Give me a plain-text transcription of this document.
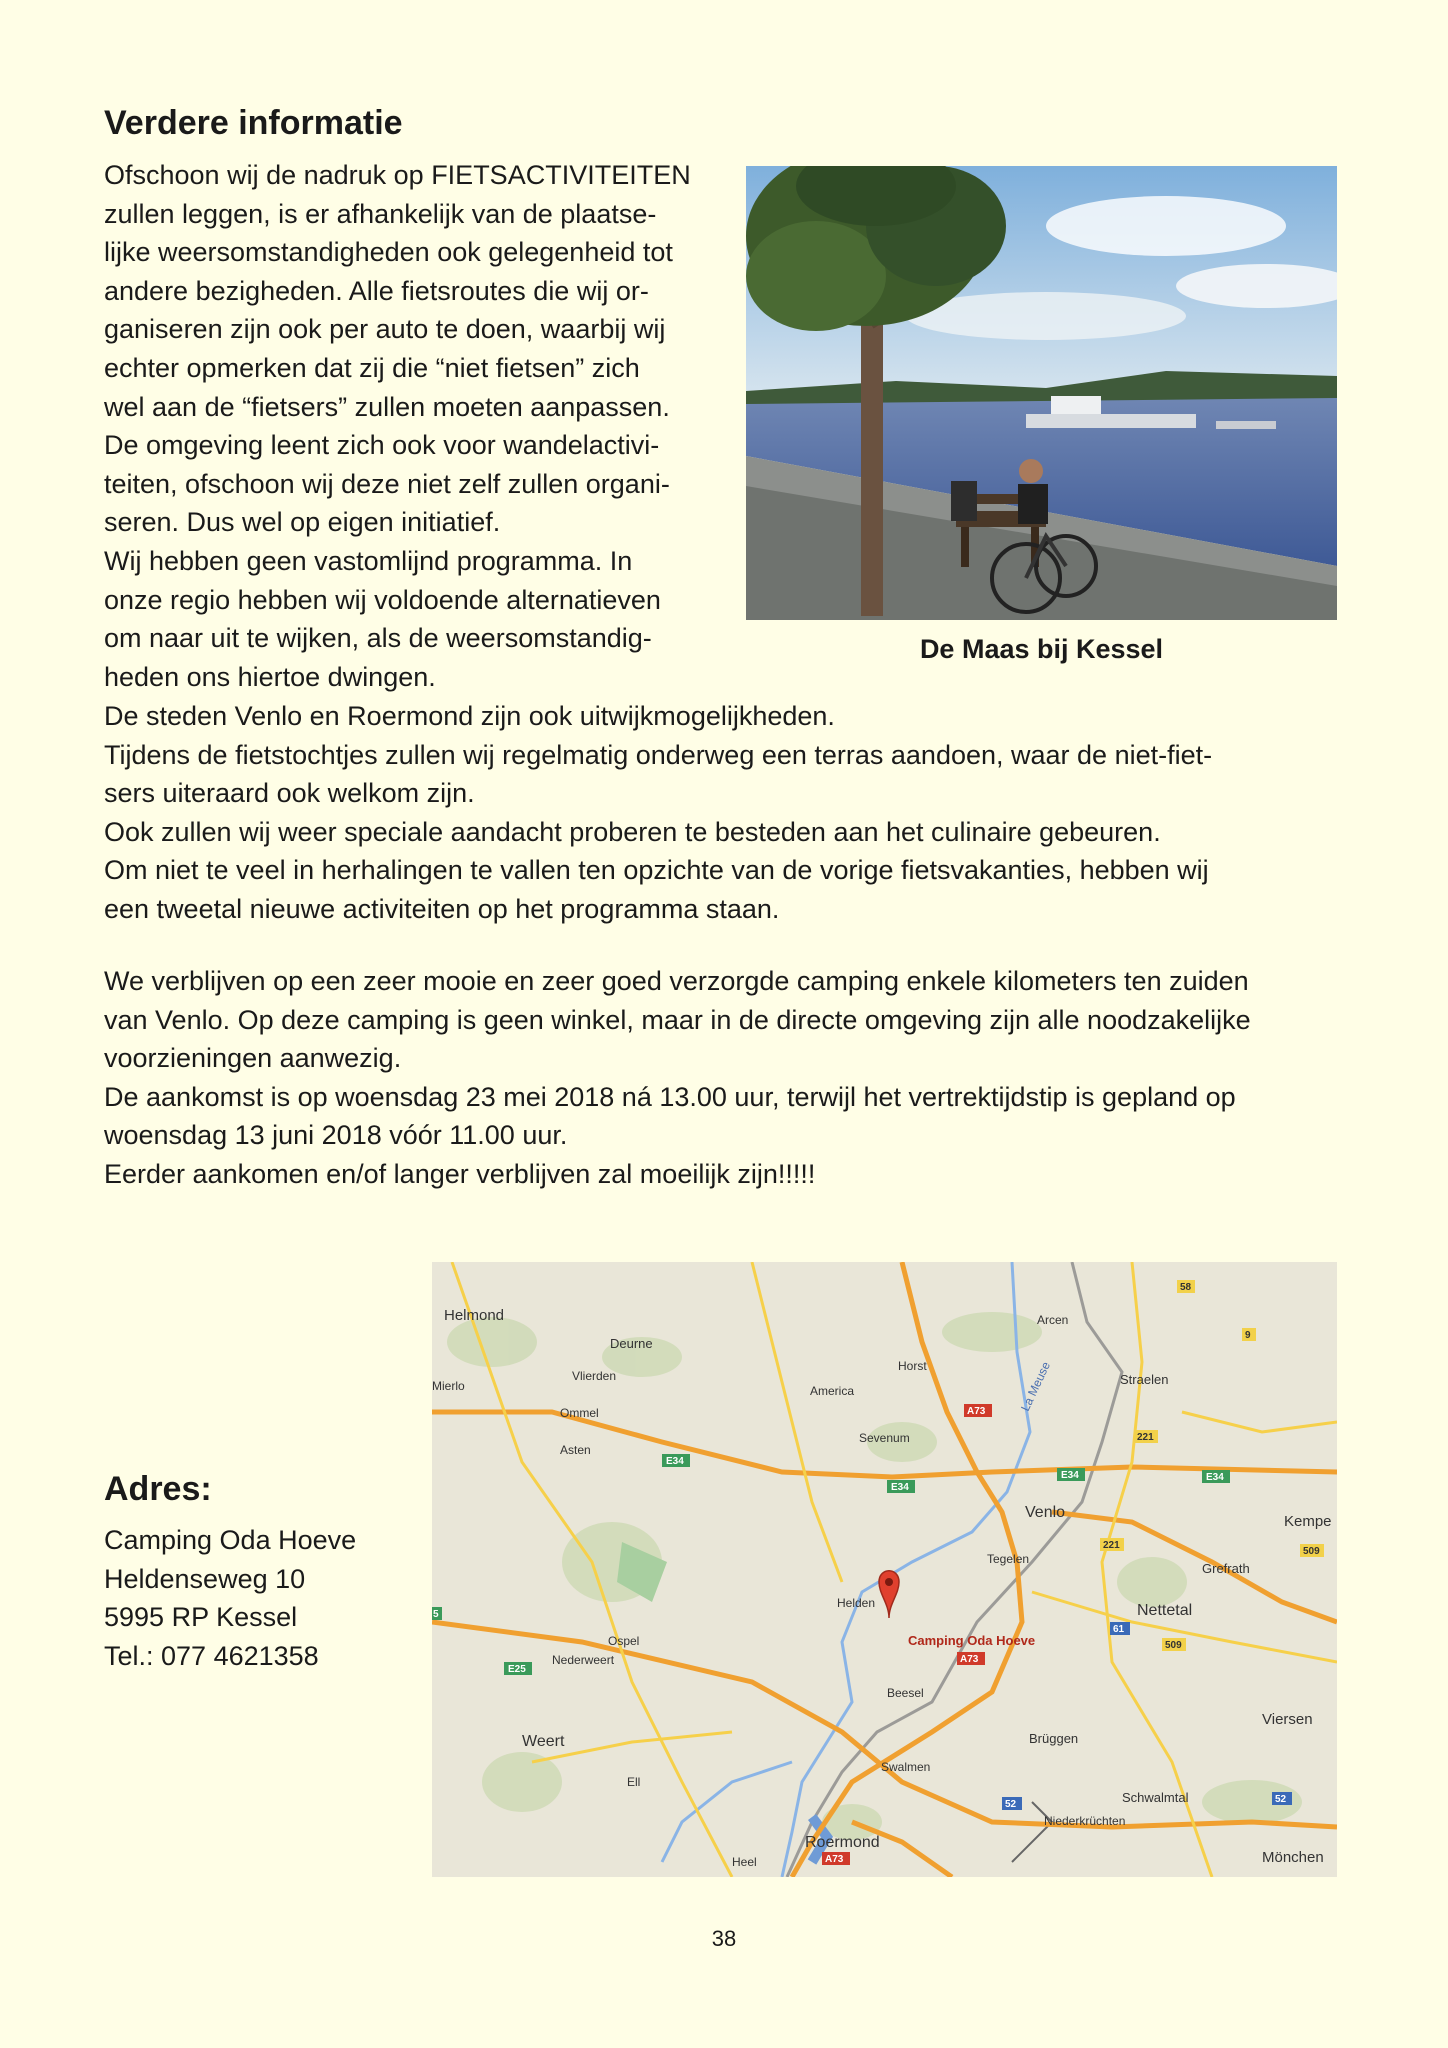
Verdere informatie
Ofschoon wij de nadruk op FIETSACTIVITEITEN
zullen leggen, is er afhankelijk van de plaatse-
lijke weersomstandigheden ook gelegenheid tot
andere bezigheden. Alle fietsroutes die wij or-
ganiseren zijn ook per auto te doen, waarbij wij
echter opmerken dat zij die “niet fietsen” zich
wel aan de “fietsers” zullen moeten aanpassen.
De omgeving leent zich ook voor wandelactivi-
teiten, ofschoon wij deze niet zelf zullen organi-
seren. Dus wel op eigen initiatief.
Wij hebben geen vastomlijnd programma. In
onze regio hebben wij voldoende alternatieven
om naar uit te wijken, als de weersomstandig-
heden ons hiertoe dwingen.
De Maas bij Kessel
De steden Venlo en Roermond zijn ook uitwijkmogelijkheden.
Tijdens de fietstochtjes zullen wij regelmatig onderweg een terras aandoen, waar de niet-fiet-
sers uiteraard ook welkom zijn.
Ook zullen wij weer speciale aandacht proberen te besteden aan het culinaire gebeuren.
Om niet te veel in herhalingen te vallen ten opzichte van de vorige fietsvakanties, hebben wij
een tweetal nieuwe activiteiten op het programma staan.
We verblijven op een zeer mooie en zeer goed verzorgde camping enkele kilometers ten zuiden
van Venlo. Op deze camping is geen winkel, maar in de directe omgeving zijn alle noodzakelijke
voorzieningen aanwezig.
De aankomst is op woensdag 23 mei 2018 ná 13.00 uur, terwijl het vertrektijdstip is gepland op
woensdag 13 juni 2018 vóór 11.00 uur.
Eerder aankomen en/of langer verblijven zal moeilijk zijn!!!!!
Adres:
Camping Oda Hoeve
Heldenseweg 10
5995 RP Kessel
Tel.: 077 4621358
Helmond
Deurne
Mierlo
Vlierden
Ommel
Asten
America
Horst
Arcen
Straelen
Sevenum
Venlo
Tegelen
Kempe
Grefrath
Helden	Nettetal
Ospel
Nederweert
Beesel
Weert
Viersen
Brüggen
Swalmen
Ell
Schwalmtal
Niederkrüchten
Roermond
Heel	Mönchen
La Meuse
E34
E34
E34	E34
E25
A73
A73
A73
58
9
221
221
509
509
61
52	52
5
Camping Oda Hoeve
38
